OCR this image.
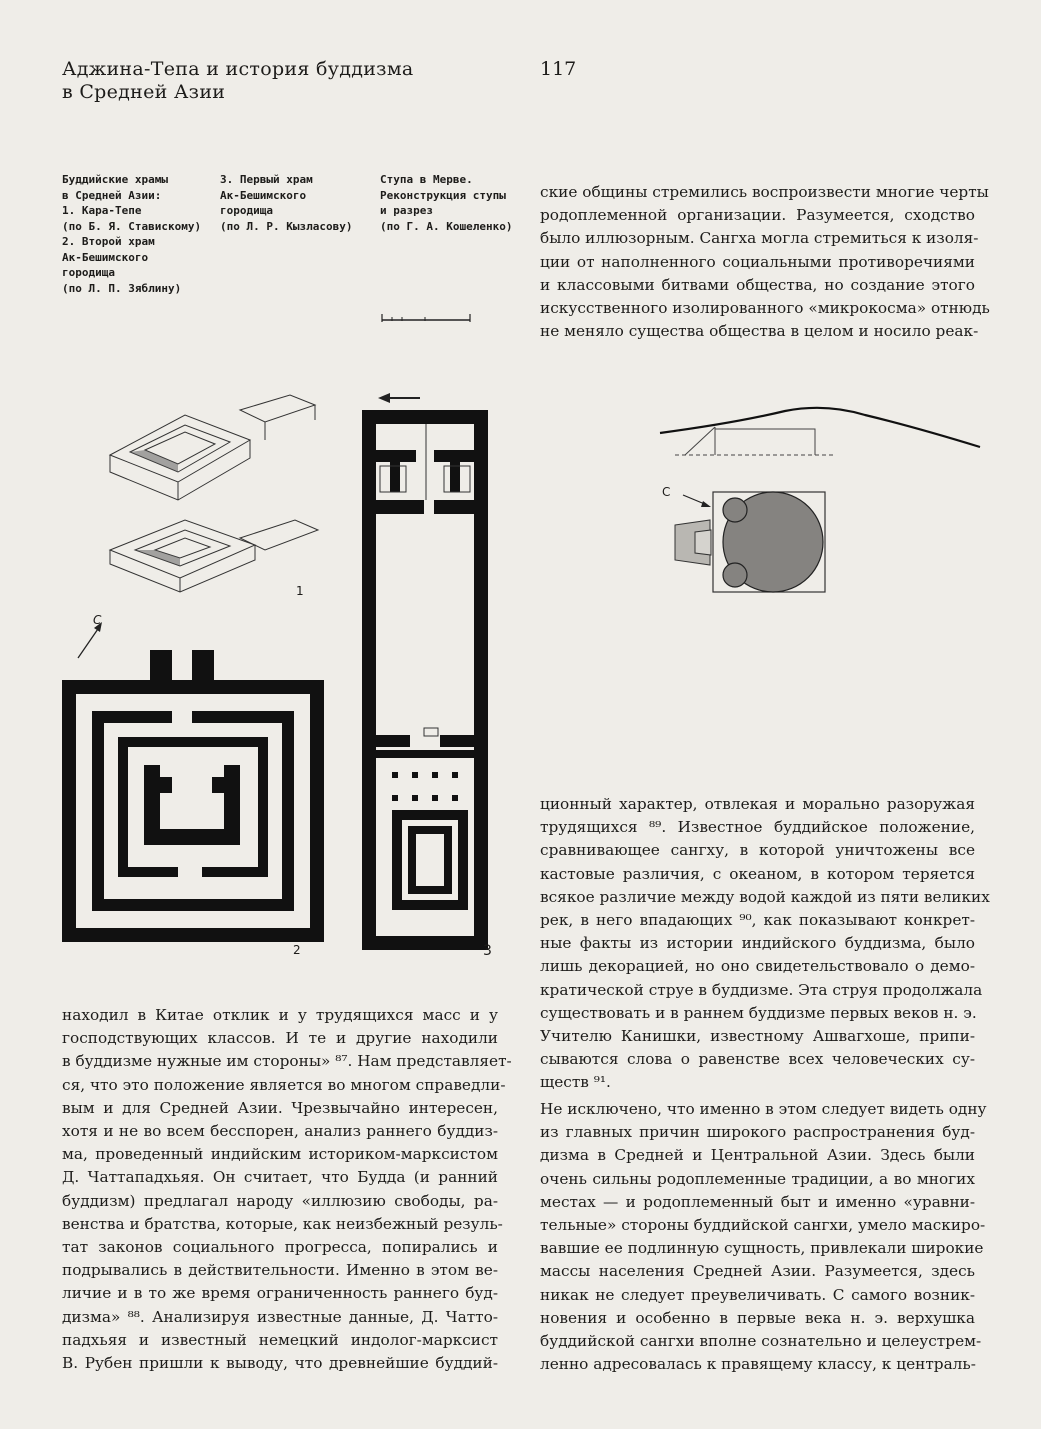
Аджина-Тепа и история буддизма
в Средней Азии
117
Буддийские храмы
в Средней Азии:
1. Кара-Тепе
(по Б. Я. Ставискому)
2. Второй храм
Ак-Бешимского
городища
(по Л. П. Зяблину)
3. Первый храм
Ак-Бешимского
городища
(по Л. Р. Кызласову)
Ступа в Мерве.
Реконструкция ступы
и разрез
(по Г. А. Кошеленко)
1
С
2	3
С
ские общины стремились воспроизвести многие черты
родоплеменной организации. Разумеется, сходство
было иллюзорным. Сангха могла стремиться к изоля-
ции от наполненного социальными противоречиями
и классовыми битвами общества, но создание этого
искусственного изолированного «микрокосма» отнюдь
не меняло существа общества в целом и носило реак-
ционный характер, отвлекая и морально разоружая
трудящихся ⁸⁹. Известное буддийское положение,
сравнивающее сангху, в которой уничтожены все
кастовые различия, с океаном, в котором теряется
всякое различие между водой каждой из пяти великих
рек, в него впадающих ⁹⁰, как показывают конкрет-
ные факты из истории индийского буддизма, было
лишь декорацией, но оно свидетельствовало о демо-
кратической струе в буддизме. Эта струя продолжала
существовать и в раннем буддизме первых веков н. э.
Учителю Канишки, известному Ашвагхоше, припи-
сываются слова о равенстве всех человеческих су-
ществ ⁹¹.
Не исключено, что именно в этом следует видеть одну
из главных причин широкого распространения буд-
дизма в Средней и Центральной Азии. Здесь были
очень сильны родоплеменные традиции, а во многих
местах — и родоплеменный быт и именно «уравни-
тельные» стороны буддийской сангхи, умело маскиро-
вавшие ее подлинную сущность, привлекали широкие
массы населения Средней Азии. Разумеется, здесь
никак не следует преувеличивать. С самого возник-
новения и особенно в первые века н. э. верхушка
буддийской сангхи вполне сознательно и целеустрем-
ленно адресовалась к правящему классу, к централь-
находил в Китае отклик и у трудящихся масс и у
господствующих классов. И те и другие находили
в буддизме нужные им стороны» ⁸⁷. Нам представляет-
ся, что это положение является во многом справедли-
вым и для Средней Азии. Чрезвычайно интересен,
хотя и не во всем бесспорен, анализ раннего буддиз-
ма, проведенный индийским историком-марксистом
Д. Чаттападхьяя. Он считает, что Будда (и ранний
буддизм) предлагал народу «иллюзию свободы, ра-
венства и братства, которые, как неизбежный резуль-
тат законов социального прогресса, попирались и
подрывались в действительности. Именно в этом ве-
личие и в то же время ограниченность раннего буд-
дизма» ⁸⁸. Анализируя известные данные, Д. Чатто-
падхьяя и известный немецкий индолог-марксист
В. Рубен пришли к выводу, что древнейшие буддий-
